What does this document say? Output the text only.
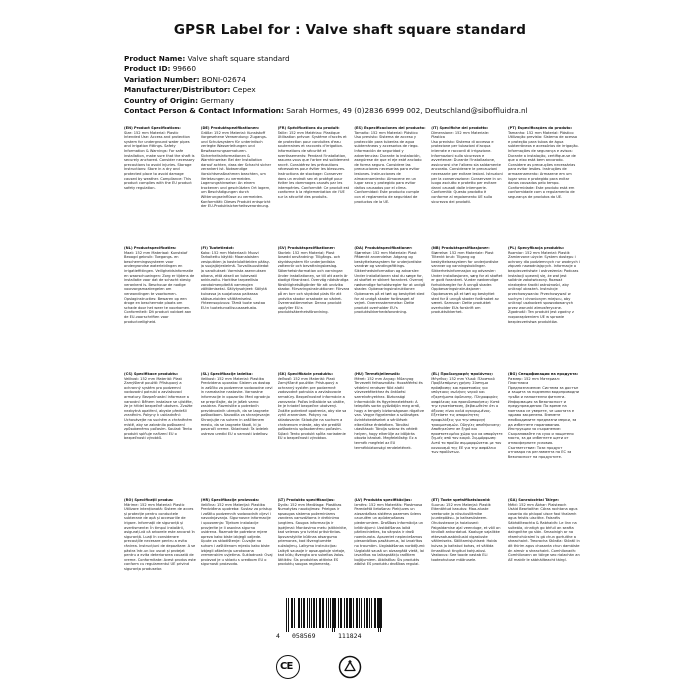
GPSR Label for : Valve shaft square standard
Product Name: Valve shaft square standard
Product ID: 99660
Variation Number: BONI-02674
Manufacturer/Distributor: Cepex
Country of Origin: Germany
Contact Person & Contact Information: Sarah Hormes, 49 (0)2836 6999 002, Deutschland@siboffluidra.nl
(EN) Product Specifications:
Size: 152 mm Material: Plastic
Intended Use: Access and protection system for underground water pipes and irrigation fittings. Safety Information & Warnings: For safe installation, make sure that the shaft is securely anchored. Consider necessary precautions to avoid injuries. Storage Instructions: Store in a dry and protected place to avoid damage caused by weather. Compliance: This product complies with the EU product safety regulation.
(DE) Produktspezifikationen:
Größe: 152 mm Material: Kunststoff
Vorgesehene Verwendung: Zugangs- und Schutzsystem für unterirdisch verlegte Wasserleitungen und Bewässerungsarmaturen. Sicherheitsinformationen & Warnhinweise: Bei der Installation darauf achten, dass der Schacht sicher verankert ist. Notwendige Vorsichtsmaßnahmen beachten, um Verletzungen zu vermeiden. Lagerungshinweise: An einem trockenen und geschützten Ort lagern, um Beschädigungen durch Witterungseinflüsse zu vermeiden. Konformität: Dieses Produkt entspricht der EU-Produktsicherheitsverordnung.
(FR) Spécifications du produit:
Taille: 152 mm Matériau: Plastique
Utilisation prévue: Système d'accès et de protection pour conduites d'eau souterraines et raccords d'irrigation. Informations de sécurité et avertissements: Pendant l'installation, assurez-vous que l'arbre est solidement ancré. Considérez les précautions nécessaires pour éviter les blessures. Instructions de stockage: Conserver dans un endroit sec et protégé pour éviter les dommages causés par les intempéries. Conformité: Ce produit est conforme à la réglementation de l'UE sur la sécurité des produits.
(ES) Especificaciones del producto:
Tamaño: 152 mm Material: Plástico
Uso previsto: Sistema de acceso y protección para tuberías de agua subterráneas y accesorios de riego. Información de seguridad y advertencias: Durante la instalación, asegúrese de que el eje esté anclado de forma segura. Considere las precauciones necesarias para evitar lesiones. Instrucciones de almacenamiento: Almacene en un lugar seco y protegido para evitar daños causados por el clima. Conformidad: Este producto cumple con el reglamento de seguridad de productos de la UE.
(IT) Specifiche del prodotto:
Dimensione: 152 mm Materiale: Plastica
Uso previsto: Sistema di accesso e protezione per tubazioni d'acqua interrate e raccordi di irrigazione. Informazioni sulla sicurezza e avvertenze: Durante l'installazione, assicurarsi che l'albero sia saldamente ancorato. Considerare le precauzioni necessarie per evitare lesioni. Istruzioni per la conservazione: Conservare in un luogo asciutto e protetto per evitare danni causati dalle intemperie. Conformità: Questo prodotto è conforme al regolamento UE sulla sicurezza dei prodotti.
(PT) Especificações do produto:
Tamanho: 152 mm Material: Plástico
Utilização prevista: Sistema de acesso e proteção para tubos de água subterrâneos e acessórios de irrigação. Informações de segurança e avisos: Durante a instalação, certifique-se de que o eixo está bem ancorado. Considere as precauções necessárias para evitar lesões. Instruções de armazenamento: Armazene em um lugar seco e protegido para evitar danos causados pelo tempo. Conformidade: Este produto está em conformidade com o regulamento de segurança de produtos da UE.
(NL) Productspecificaties:
Maat: 152 mm Materiaal: Kunststof
Beoogd gebruik: Toegangs- en beschermingssysteem voor ondergrondse waterleidingen en irrigatiefittingen. Veiligheidsinformatie en waarschuwingen: Zorg er tijdens de installatie voor dat de schacht stevig verankerd is. Beschouw de nodige voorzorgsmaatregelen om verwondingen te voorkomen. Opslaginstructies: Bewaren op een droge en beschermde plaats om schade door het weer te voorkomen. Conformiteit: Dit product voldoet aan de EU-voorschriften voor productveiligheid.
(FI) Tuotetiedot:
Koko: 152 mm Materiaali: Muovi
Tarkoitettu käyttö: Maanalaisten vesiputkien ja kastelulaitteiden pääsy- ja suojajärjestelmä. Turvallisuustiedot ja varoitukset: Varmista asennuksen aikana, että akseli on tukevasti ankkuroitu. Harkitse tarpeellisia varotoimenpiteitä vammojen välttämiseksi. Säilytysohjeet: Säilytä kuivassa ja suojatussa paikassa säävaurioiden välttämiseksi. Yhteensopivuus: Tämä tuote vastaa EU:n tuoteturvallisuusasetusta.
(SV) Produktspecifikationer:
Storlek: 152 mm Material: Plast
Avsedd användning: Tillgångs- och skyddssystem för underjordiska vattenrör och bevattningsbeslag. Säkerhetsinformation och varningar: Under installationen, se till att axeln är stadigt förankrad. Överväg nödvändiga försiktighetsåtgärder för att undvika skador. Förvaringsinstruktioner: Förvara på en torr och skyddad plats för att undvika skador orsakade av vädret. Överensstämmelse: Denna produkt uppfyller EU:s produktsäkerhetsförordning.
(DA) Produktspecifikationer:
Størrelse: 152 mm Materiale: Plast
Påtænkt anvendelse: Adgang og beskyttelsessystem for underjordiske vandrør og vandingsfittings. Sikkerhedsinformation og advarsler: Under installationen skal du sørge for, at skaftet er sikkert forankret. Overvej nødvendige forholdsregler for at undgå skader. Opbevaringsinstruktioner: Opbevares på et tørt og beskyttet sted for at undgå skader forårsaget af vejret. Overensstemmelse: Dette produkt overholder EU's produktsikkerhedsforordning.
(NB) Produktspesifikasjoner:
Størrelse: 152 mm Materiale: Plast
Tiltenkt bruk: Tilgang og beskyttelsessystem for underjordiske vannrør og vanningskoblinger. Sikkerhetsinformasjon og advarsler: Under installasjonen, sørg for at skaftet er godt forankret. Vurder nødvendige forholdsregler for å unngå skader. Oppbevaringsinstruksjoner: Oppbevares på et tørt og beskyttet sted for å unngå skader forårsaket av været. Samsvar: Dette produktet overholder EUs forskrift om produktsikkerhet.
(PL) Specyfikacja produktu:
Rozmiar: 152 mm Materiał: Plastik
Zamierzone użycie: System dostępu i ochrony dla podziemnych rur wodnych i złączek nawadniających. Informacje o bezpieczeństwie i ostrzeżenia: Podczas instalacji upewnij się, że wał jest solidnie zakotwiczony. Rozważ niezbędne środki ostrożności, aby uniknąć obrażeń. Instrukcje przechowywania: Przechowywać w suchym i chronionym miejscu, aby uniknąć uszkodzeń spowodowanych przez warunki atmosferyczne. Zgodność: Ten produkt jest zgodny z rozporządzeniem UE w sprawie bezpieczeństwa produktów.
(CS) Specifikace produktu:
Velikost: 152 mm Materiál: Plast
Zamýšlené použití: Přístupový a ochranný systém pro podzemní vodovodní potrubí a zavlažovací armatury. Bezpečnostní informace a varování: Během instalace se ujistěte, že je hřídel bezpečně ukotven. Zvažte nezbytná opatření, abyste předešli zraněním. Pokyny k uskladnění: Uchovávejte na suchém a chráněném místě, aby se zabránilo poškození způsobenému počasím. Soulad: Tento produkt splňuje nařízení EU o bezpečnosti výrobků.
(SL) Specifikacije izdelka:
Velikost: 152 mm Material: Plastika
Predvidena uporaba: Sistem za dostop in zaščito za podzemne vodovodne cevi in namakalne nastavke. Varnostne informacije in opozorila: Med vgradnjo se prepričajte, da je jašek varno zasidran. Razmislite o potrebnih previdnostnih ukrepih, da se izognete poškodbam. Navodila za shranjevanje: Shranjujte na suhem in zaščitenem mestu, da se izognete škodi, ki jo povzroči vreme. Skladnost: Ta izdelek ustreza uredbi EU o varnosti izdelkov.
(SK) Špecifikácie produktu:
Veľkosť: 152 mm Materiál: Plast
Zamýšľané použitie: Prístupový a ochranný systém pre podzemné vodovodné potrubia a zavlažovacie armatúry. Bezpečnostné informácie a varovania: Počas inštalácie sa uistite, že je hriadeľ bezpečne ukotvený. Zvážte potrebné opatrenia, aby ste sa vyhli zraneniam. Pokyny na skladovanie: Skladujte na suchom a chránenom mieste, aby ste predišli poškodeniu spôsobenému počasím. Súlad: Tento produkt spĺňa nariadenie EÚ o bezpečnosti výrobkov.
(HU) Termékjellemzők:
Méret: 152 mm Anyag: Műanyag
Tervezett felhasználás: Hozzáférési és védelmi rendszer föld alatti vízvezetékekhez és öntözési szerelvényekhez. Biztonsági információk és figyelmeztetések: A telepítés során győződjön meg arról, hogy a tengely biztonságosan rögzítve van. Vegye figyelembe a szükséges óvintézkedéseket a sérülések elkerülése érdekében. Tárolási utasítások: Tárolja száraz és védett helyen, hogy elkerülje az időjárás okozta károkat. Megfelelőség: Ez a termék megfelel az EU termékbiztonsági rendeletének.
(EL) Προδιαγραφές προϊόντος:
Μέγεθος: 152 mm Υλικό: Πλαστικό
Προβλεπόμενη χρήση: Σύστημα πρόσβασης και προστασίας για υπόγειους σωλήνες νερού και εξαρτήματα άρδευσης. Πληροφορίες ασφάλειας και προειδοποιήσεις: Κατά την εγκατάσταση, βεβαιωθείτε ότι ο άξονας είναι καλά αγκυρωμένος. Εξετάστε τις απαραίτητες προφυλάξεις για την αποφυγή τραυματισμών. Οδηγίες αποθήκευσης: Αποθηκεύστε σε ξηρό και προστατευμένο χώρο για να αποφύγετε ζημιές από τον καιρό. Συμμόρφωση: Αυτό το προϊόν συμμορφώνεται με τον κανονισμό της ΕΕ για την ασφάλεια των προϊόντων.
(BG) Спецификации на продукта:
Размер: 152 mm Материал: Пластмаса
Предназначение: Система за достъп и защита за подземни водопроводни тръби и напоителни фитинги. Информация за безопасност и предупреждения: По време на монтажа се уверете, че шахтата е здраво закрепена. Вземете необходимите предпазни мерки, за да избегнете наранявания. Инструкции за съхранение: Съхранявайте на сухо и защитено място, за да избегнете щети от атмосферните условия. Съответствие: Този продукт отговаря на регламента на ЕС за безопасност на продуктите.
(RO) Specificații produs:
Mărime: 152 mm Material: Plastic
Utilizare intenționată: Sistem de acces și protecție pentru conductele subterane de apă și accesoriile de irigare. Informații de siguranță și avertismente: În timpul instalării, asigurați-vă că arborele este ancorat în siguranță. Luați în considerare precauțiile necesare pentru a evita rănirea. Instrucțiuni de depozitare: A se păstra într-un loc uscat și protejat pentru a evita deteriorarea cauzată de vreme. Conformitate: Acest produs este conform cu regulamentul UE privind siguranța produselor.
(HR) Specifikacije proizvoda:
Veličina: 152 mm Materijal: Plastika
Predviđena upotreba: Sustav za pristup i zaštitu podzemnih vodovodnih cijevi i navodnjavanja. Sigurnosne informacije i upozorenja: Tijekom instalacije provjerite je li osovina sigurno usidrena. Razmotrite potrebne mjere opreza kako biste izbjegli ozljede. Upute za skladištenje: Čuvajte na suhom i zaštićenom mjestu kako biste izbjegli oštećenja uzrokovana vremenskim uvjetima. Sukladnost: Ovaj proizvod je u skladu s uredbom EU o sigurnosti proizvoda.
(LT) Produkto specifikacijos:
Dydis: 152 mm Medžiaga: Plastikas
Numatytas naudojimas: Prieigos ir apsaugos sistema požeminiams vandens vamzdžiams ir drėkinimo jungtims. Saugos informacija ir įspėjimai: Montavimo metu įsitikinkite, kad velenas yra tvirtai pritvirtintas. Apsvarstykite būtinas atsargumo priemones, kad išvengtumėte sužalojimų. Laikymo instrukcijos: Laikyti sausoje ir apsaugotoje vietoje, kad būtų išvengta oro sukeltos žalos. Atitiktis: Šis produktas atitinka ES produktų saugos reglamentą.
(LV) Produkta specifikācijas:
Izmērs: 152 mm Materiāls: Plastmasa
Paredzētā lietošana: Piekļuves un aizsardzības sistēma pazemes ūdens caurulēm un apūdeņošanas piederumiem. Drošības informācija un brīdinājumi: Uzstādīšanas laikā pārliecinieties, ka vārpsta ir droši noenkurota. Apsveriet nepieciešamos piesardzības pasākumus, lai izvairītos no traumām. Uzglabāšanas norādījumi: Uzglabāt sausā un aizsargātā vietā, lai izvairītos no laikapstākļu radītiem bojājumiem. Atbilstība: Šis produkts atbilst ES produktu drošības regulai.
(ET) Toote spetsifikatsioonid:
Suurus: 152 mm Materjal: Plastik
Ettenähtud kasutus: Maa-aluste veetorude ja niisutusliitmike juurdepääsu- ja kaitsesüsteem. Ohutusteave ja hoiatused: Paigaldamise ajal veenduge, et võll on kindlalt ankurdatud. Kaaluge vajalikke ettevaatusabinõusid vigastuste vältimiseks. Säilitamisjuhised: Hoida kuivas ja kaitstud kohas, et vältida ilmastikust tingitud kahjustusi. Vastavus: See toode vastab ELi tooteohutuse määrusele.
(GA) Sonraíochtaí Táirge:
Méid: 152 mm Ábhar: Plaisteach
Úsáid Beartaithe: Córas rochtana agus cosanta do phíopaí uisce faoi thalamh agus feistis uiscithe. Faisnéis Sábháilteachta & Rabhaidh: Le linn na suiteála, cinntigh go bhfuil an seafta daingnithe go slán. Smaoinigh ar na réamhchúraimí is gá chun gortuithe a sheachaint. Treoracha Stórála: Stóráil in áit thirim agus chosanta chun damáiste ón aimsir a sheachaint. Comhlíonadh: Comhlíonann an táirge seo rialachán an AE maidir le sábháilteacht táirgí.
4 058569	111824
CE
